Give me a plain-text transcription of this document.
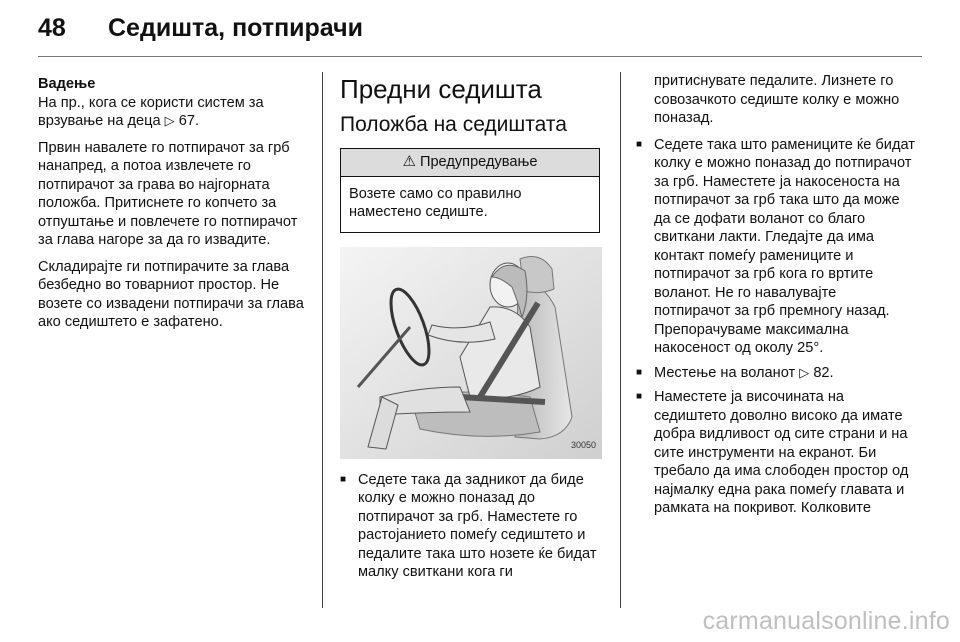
48	Седишта, потпирачи

Вадење

На пр., кога се користи систем за врзување на деца ▷ 67.

Првин навалете го потпирачот за грб нанапред, а потоа извлечете го потпирачот за грава во најгорната положба. Притиснете го копчето за отпуштање и повлечете го потпирачот за глава нагоре за да го извадите.

Складирајте ги потпирачите за глава безбедно во товарниот простор. Не возете со извадени потпирачи за глава ако седиштето е зафатено.

Предни седишта
Положба на седиштата
⚠ Предупредување
Возете само со правилно наместено седиште.
30050
■ Седете така да задникот да биде колку е можно поназад до потпирачот за грб. Наместете го растојанието помеѓу седиштето и педалите така што нозете ќе бидат малку свиткани кога ги

притиснувате педалите. Лизнете го совозачкото седиште колку е можно поназад.

■ Седете така што рамениците ќе бидат колку е можно поназад до потпирачот за грб. Наместете ја накосеноста на потпирачот за грб така што да може да се дофати воланот со благо свиткани лакти. Гледајте да има контакт помеѓу рамениците и потпирачот за грб кога го вртите воланот. Не го навалувајте потпирачот за грб премногу назад. Препорачуваме максимална накосеност од околу 25°.
■ Местење на воланот ▷ 82.
■ Наместете ја височината на седиштето доволно високо да имате добра видливост од сите страни и на сите инструменти на екранот. Би требало да има слободен простор од најмалку една рака помеѓу главата и рамката на покривот. Колковите
carmanualsonline.info
